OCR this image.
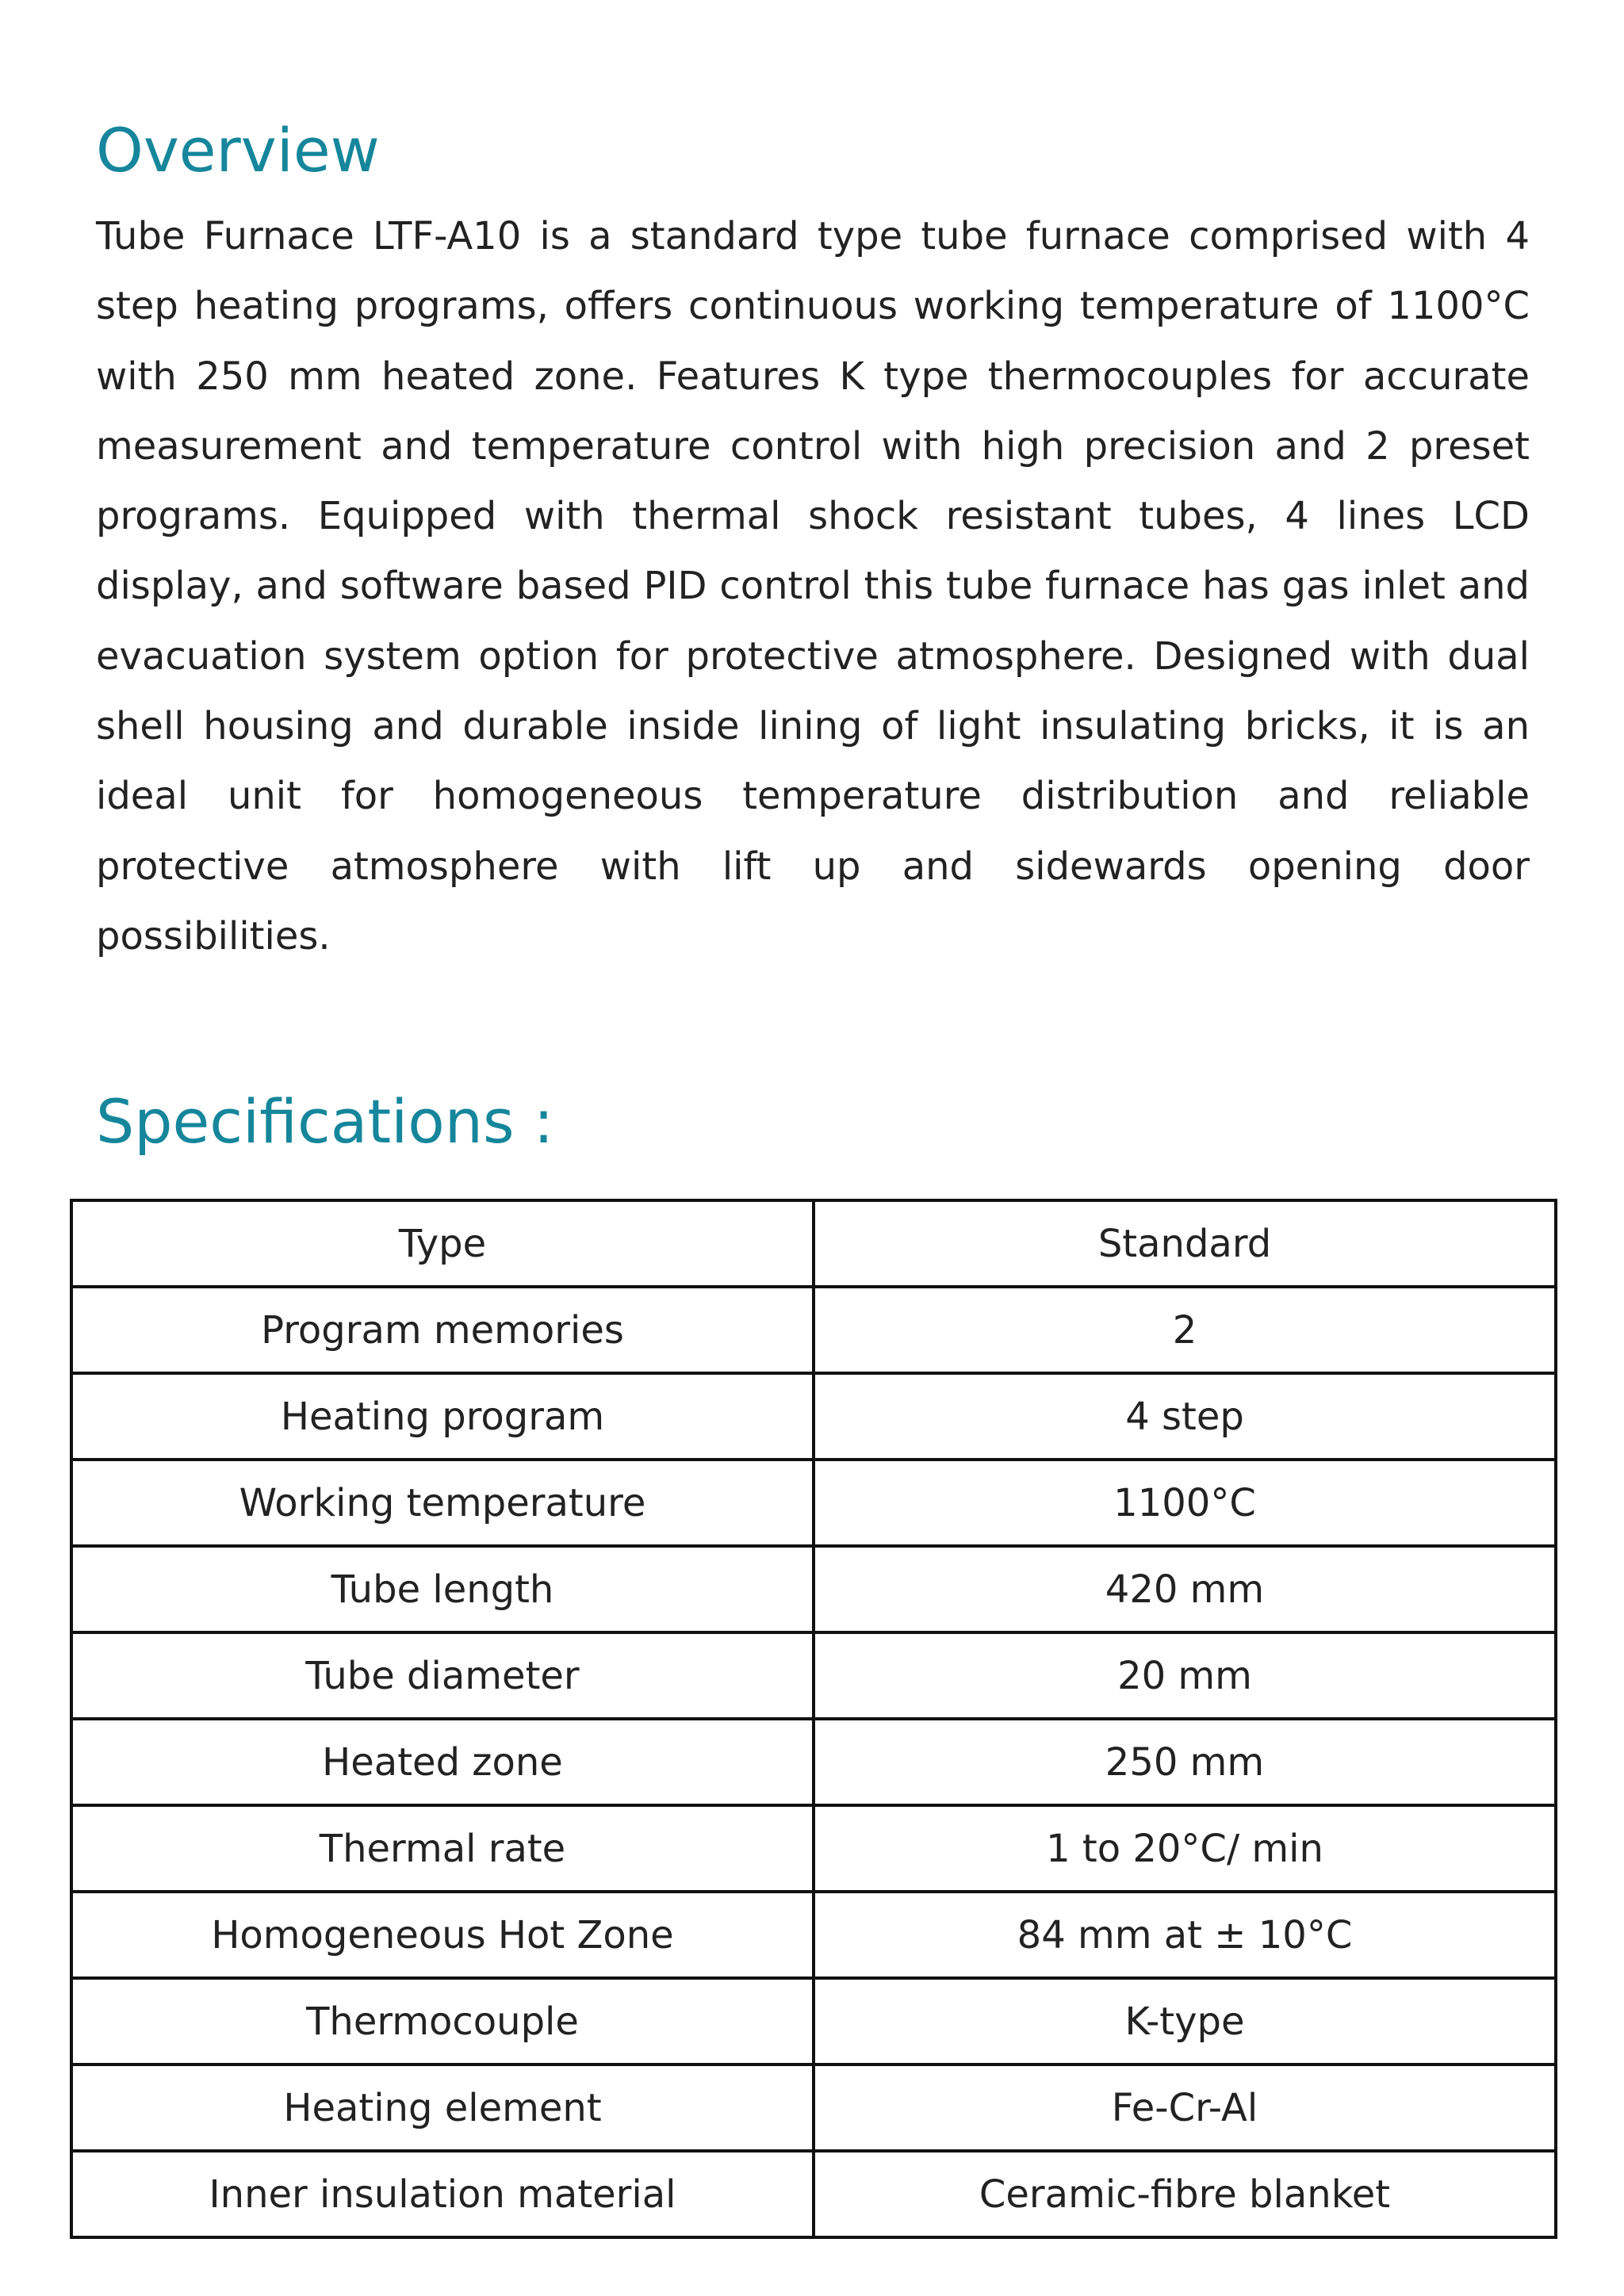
Overview

Tube Furnace LTF-A10 is a standard type tube furnace comprised with 4 step heating programs, offers continuous working temperature of 1100°C with 250 mm heated zone. Features K type thermocouples for accurate measurement and temperature control with high precision and 2 preset programs. Equipped with thermal shock resistant tubes, 4 lines LCD display, and software based PID control this tube furnace has gas inlet and evacuation system option for protective atmosphere. Designed with dual shell housing and durable inside lining of light insulating bricks, it is an ideal unit for homogeneous temperature distribution and reliable protective atmosphere with lift up and sidewards opening door possibilities.

Specifications :
Type	Standard
Program memories	2
Heating program	4 step
Working temperature	1100°C
Tube length	420 mm
Tube diameter	20 mm
Heated zone	250 mm
Thermal rate	1 to 20°C/ min
Homogeneous Hot Zone	84 mm at ± 10°C
Thermocouple	K-type
Heating element	Fe-Cr-Al
Inner insulation material	Ceramic-fibre blanket
